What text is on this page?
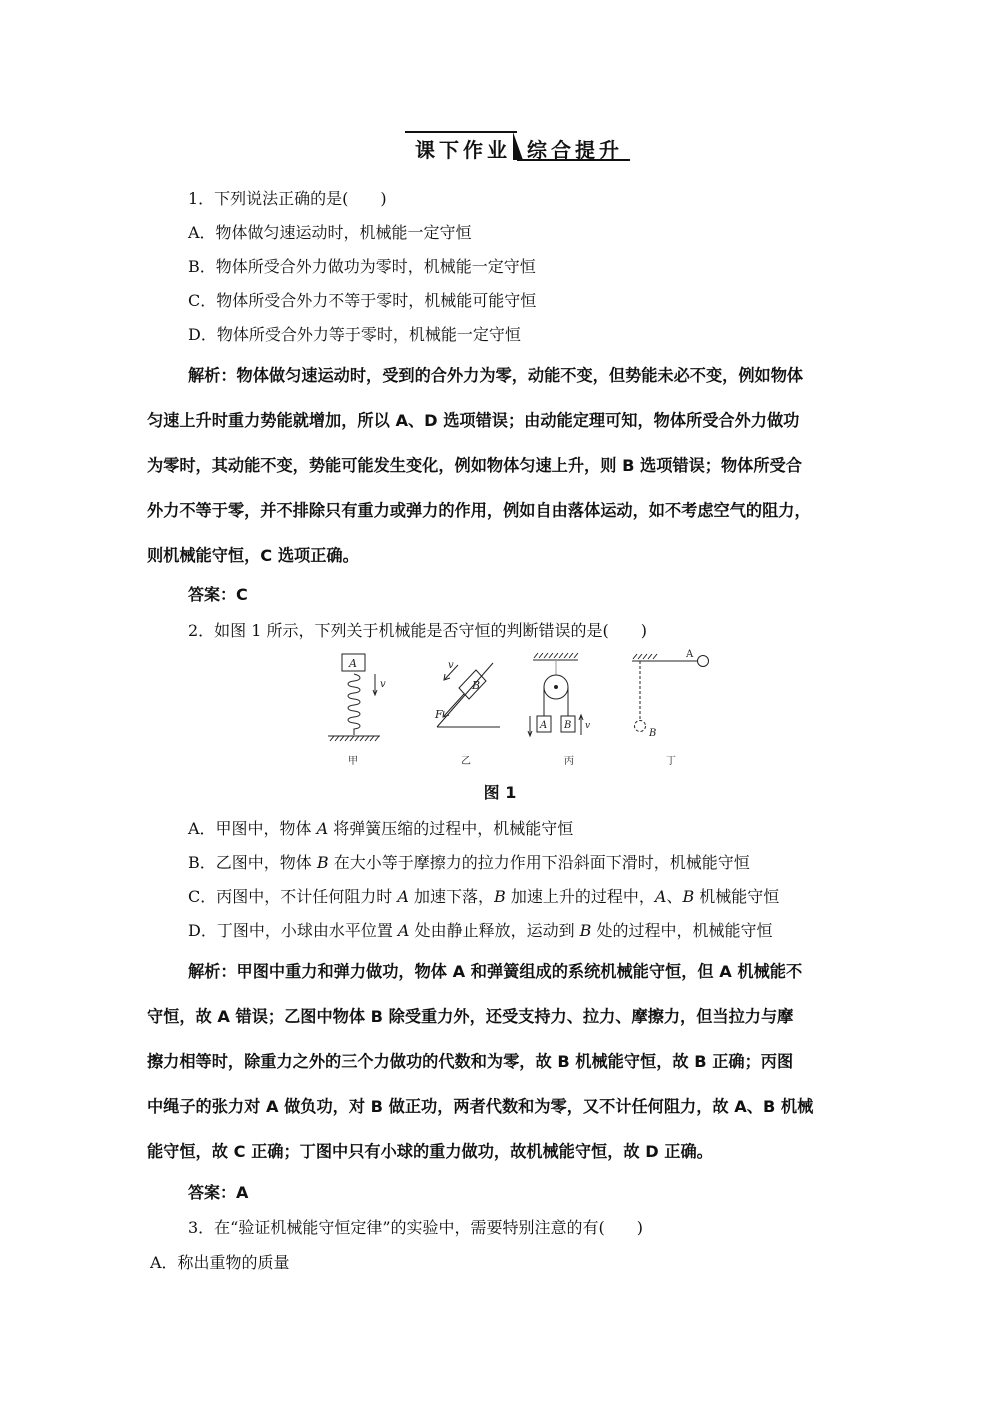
课下作业 综合提升
1．下列说法正确的是(　　)
A．物体做匀速运动时，机械能一定守恒
B．物体所受合外力做功为零时，机械能一定守恒
C．物体所受合外力不等于零时，机械能可能守恒
D．物体所受合外力等于零时，机械能一定守恒
解析：物体做匀速运动时，受到的合外力为零，动能不变，但势能未必不变，例如物体
匀速上升时重力势能就增加，所以 A、D 选项错误；由动能定理可知，物体所受合外力做功
为零时，其动能不变，势能可能发生变化，例如物体匀速上升，则 B 选项错误；物体所受合
外力不等于零，并不排除只有重力或弹力的作用，例如自由落体运动，如不考虑空气的阻力，
则机械能守恒，C 选项正确。
答案：C
2．如图 1 所示，下列关于机械能是否守恒的判断错误的是(　　)
A
v	B
v
F
A B v
A
B
甲	乙	丙	丁
图 1
A．甲图中，物体 A 将弹簧压缩的过程中，机械能守恒
B．乙图中，物体 B 在大小等于摩擦力的拉力作用下沿斜面下滑时，机械能守恒
C．丙图中，不计任何阻力时 A 加速下落，B 加速上升的过程中，A、B 机械能守恒
D．丁图中，小球由水平位置 A 处由静止释放，运动到 B 处的过程中，机械能守恒
解析：甲图中重力和弹力做功，物体 A 和弹簧组成的系统机械能守恒，但 A 机械能不
守恒，故 A 错误；乙图中物体 B 除受重力外，还受支持力、拉力、摩擦力，但当拉力与摩
擦力相等时，除重力之外的三个力做功的代数和为零，故 B 机械能守恒，故 B 正确；丙图
中绳子的张力对 A 做负功，对 B 做正功，两者代数和为零，又不计任何阻力，故 A、B 机械
能守恒，故 C 正确；丁图中只有小球的重力做功，故机械能守恒，故 D 正确。
答案：A
3．在“验证机械能守恒定律”的实验中，需要特别注意的有(　　)
A．称出重物的质量
